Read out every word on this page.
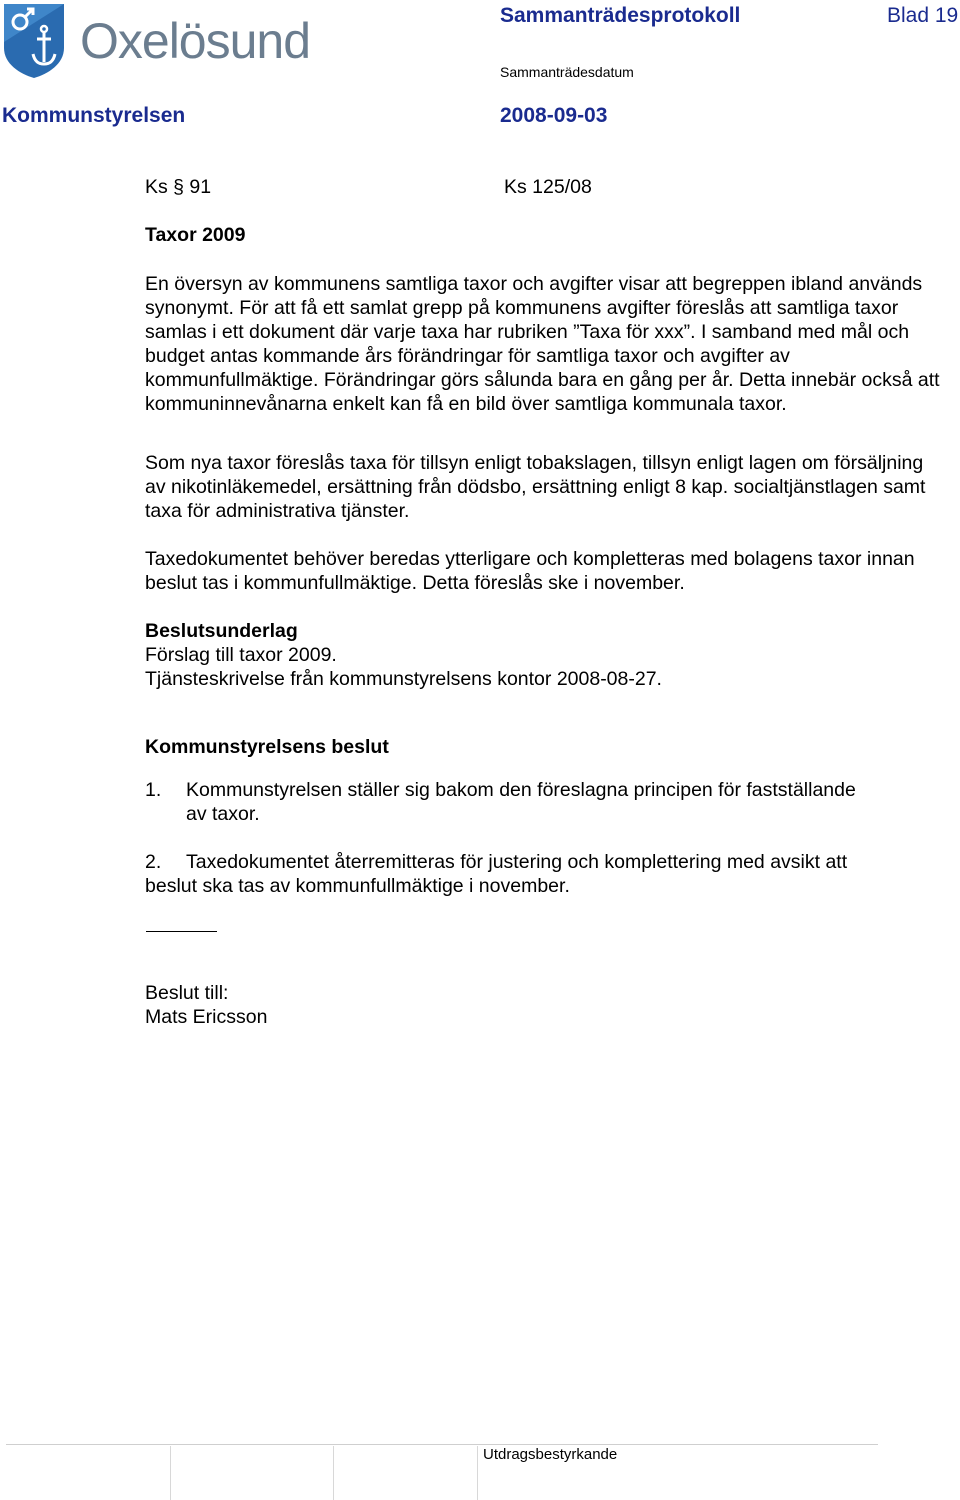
Oxelösund	Sammanträdesprotokoll	Blad 19
Sammanträdesdatum
Kommunstyrelsen	2008-09-03
Ks § 91	Ks 125/08
Taxor 2009
En översyn av kommunens samtliga taxor och avgifter visar att begreppen ibland används synonymt. För att få ett samlat grepp på kommunens avgifter föreslås att samtliga taxor samlas i ett dokument där varje taxa har rubriken ”Taxa för xxx”. I samband med mål och budget antas kommande års förändringar för samtliga taxor och avgifter av kommunfullmäktige. Förändringar görs sålunda bara en gång per år. Detta innebär också att kommuninnevånarna enkelt kan få en bild över samtliga kommunala taxor.
Som nya taxor föreslås taxa för tillsyn enligt tobakslagen, tillsyn enligt lagen om försäljning av nikotinläkemedel, ersättning från dödsbo, ersättning enligt 8 kap. socialtjänstlagen samt taxa för administrativa tjänster.
Taxedokumentet behöver beredas ytterligare och kompletteras med bolagens taxor innan beslut tas i kommunfullmäktige. Detta föreslås ske i november.
Beslutsunderlag
Förslag till taxor 2009.
Tjänsteskrivelse från kommunstyrelsens kontor 2008-08-27.
Kommunstyrelsens beslut
1. Kommunstyrelsen ställer sig bakom den föreslagna principen för fastställande
av taxor.
2. Taxedokumentet återremitteras för justering och komplettering med avsikt att
beslut ska tas av kommunfullmäktige i november.
Beslut till:
Mats Ericsson
Utdragsbestyrkande
